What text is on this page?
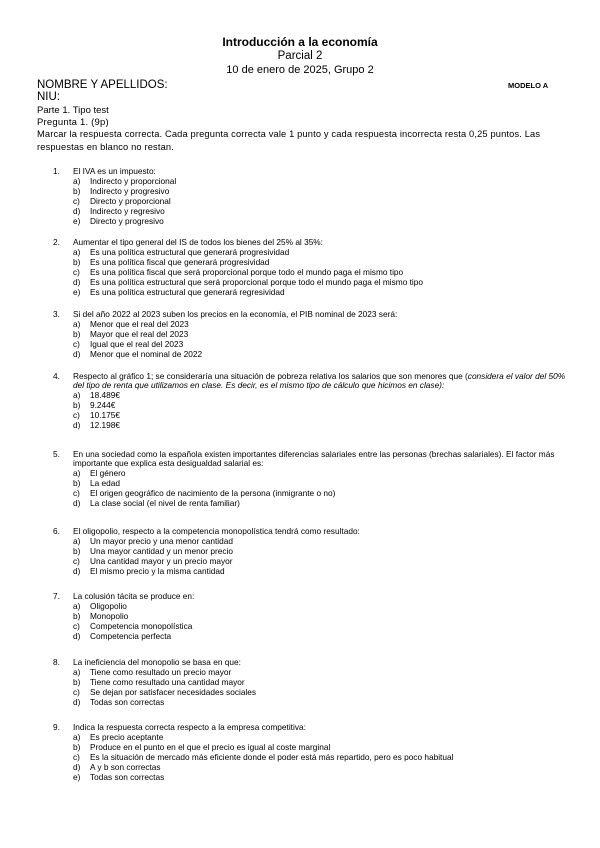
Introducción a la economía
Parcial 2
10 de enero de 2025, Grupo 2
NOMBRE Y APELLIDOS:	MODELO A
NIU:
Parte 1. Tipo test
Pregunta 1. (9p)
Marcar la respuesta correcta. Cada pregunta correcta vale 1 punto y cada respuesta incorrecta resta 0,25 puntos. Las respuestas en blanco no restan.
1. El IVA es un impuesto:
a) Indirecto y proporcional
b) Indirecto y progresivo
c) Directo y proporcional
d) Indirecto y regresivo
e) Directo y progresivo
2. Aumentar el tipo general del IS de todos los bienes del 25% al 35%:
a) Es una política estructural que generará progresividad
b) Es una política fiscal que generará progresividad
c) Es una política fiscal que será proporcional porque todo el mundo paga el mismo tipo
d) Es una política estructural que será proporcional porque todo el mundo paga el mismo tipo
e) Es una política estructural que generará regresividad
3. Si del año 2022 al 2023 suben los precios en la economía, el PIB nominal de 2023 será:
a) Menor que el real del 2023
b) Mayor que el real del 2023
c) Igual que el real del 2023
d) Menor que el nominal de 2022
4. Respecto al gráfico 1; se consideraría una situación de pobreza relativa los salarios que son menores que (considera el valor del 50% del tipo de renta que utilizamos en clase. Es decir, es el mismo tipo de cálculo que hicimos en clase):
a) 18.489€
b) 9.244€
c) 10.175€
d) 12.198€
5. En una sociedad como la española existen importantes diferencias salariales entre las personas (brechas salariales). El factor más importante que explica esta desigualdad salarial es:
a) El género
b) La edad
c) El origen geográfico de nacimiento de la persona (inmigrante o no)
d) La clase social (el nivel de renta familiar)
6. El oligopolio, respecto a la competencia monopolística tendrá como resultado:
a) Un mayor precio y una menor cantidad
b) Una mayor cantidad y un menor precio
c) Una cantidad mayor y un precio mayor
d) El mismo precio y la misma cantidad
7. La colusión tácita se produce en:
a) Oligopolio
b) Monopolio
c) Competencia monopolística
d) Competencia perfecta
8. La ineficiencia del monopolio se basa en que:
a) Tiene como resultado un precio mayor
b) Tiene como resultado una cantidad mayor
c) Se dejan por satisfacer necesidades sociales
d) Todas son correctas
9. Indica la respuesta correcta respecto a la empresa competitiva:
a) Es precio aceptante
b) Produce en el punto en el que el precio es igual al coste marginal
c) Es la situación de mercado más eficiente donde el poder está más repartido, pero es poco habitual
d) A y b son correctas
e) Todas son correctas
